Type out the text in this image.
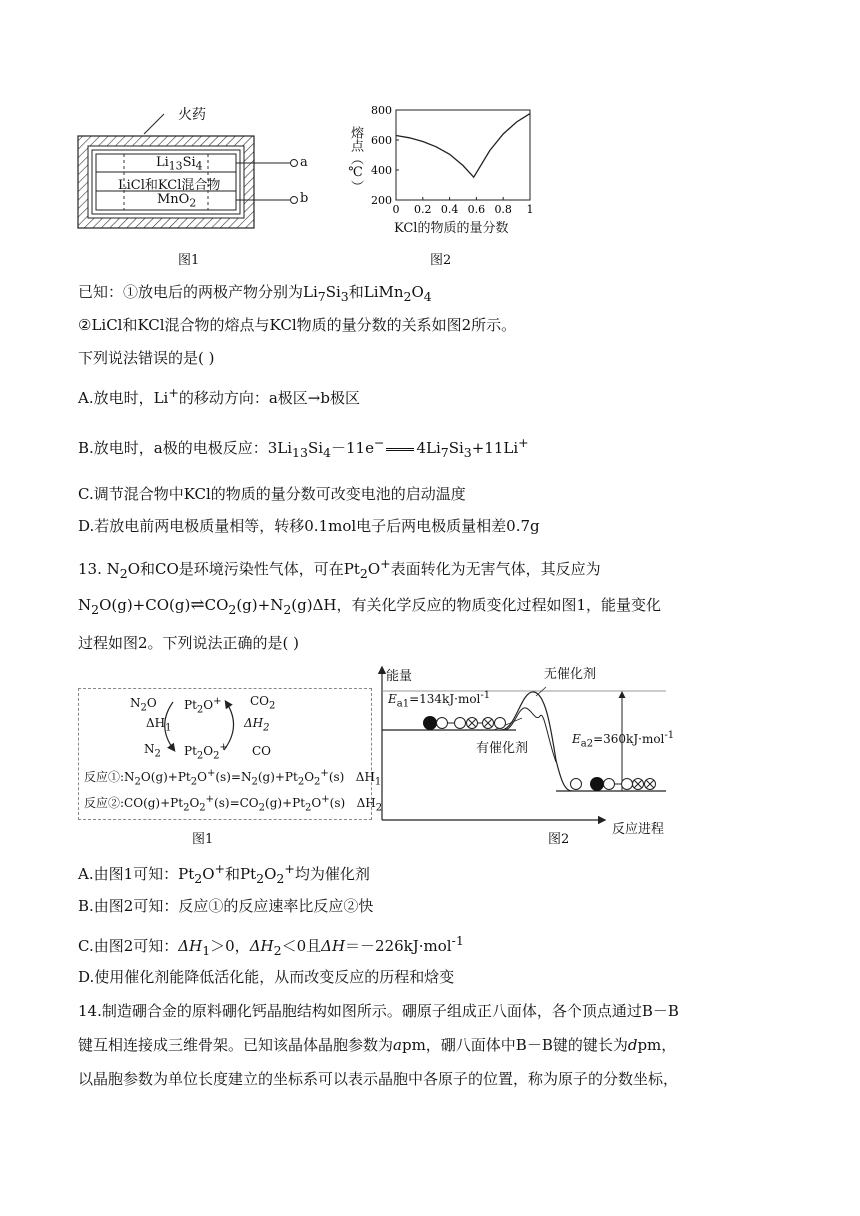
火药
$Li_{13}Si_4$
LiCl和KCl混合物
MnO$_2$
a
b
图1
0 0.2 0.4 0.6 0.8 1
200
400
600
800
熔点（℃）
KCl的物质的量分数
图2
已知：①放电后的两极产物分别为$Li_7Si_3$和$LiMn_2O_4$
②LiCl和KCl混合物的熔点与KCl物质的量分数的关系如图2所示。
下列说法错误的是( )
A.放电时，Li+的移动方向：a极区→b极区
B.放电时，a极的电极反应：$3Li_{13}Si_4-11e^-$ $4Li_7Si_3+11Li^+$
C.调节混合物中KCl的物质的量分数可改变电池的启动温度
D.若放电前两电极质量相等，转移0.1mol电子后两电极质量相差0.7g
13. $N_2O$和CO是环境污染性气体，可在$Pt_2O^+$表面转化为无害气体，其反应为
$N_2O(g)+CO(g)\rightleftharpoons CO_2(g)+N_2(g)\Delta H$，有关化学反应的物质变化过程如图1，能量变化
过程如图2。下列说法正确的是( )
$N_2O$ $Pt_2O^+$ $CO_2$
$\Delta H_1$	$\Delta H_2$
$N_2$ $Pt_2O_2^+$ CO
反应$①:N_2O(g)+Pt_2O^+(s)=N_2(g)+Pt_2O_2^+(s)$   $\Delta H_1$
反应$②:CO(g)+Pt_2O_2^+(s)=CO_2(g)+Pt_2O^+(s)$   $\Delta H_2$
图1
能量	无催化剂
有催化剂
$E_{a1}=134kJ\cdot mol^{-1}$
$E_{a2}=360kJ\cdot mol^{-1}$
反应进程
图2
A.由图1可知：$Pt_2O^+$和$Pt_2O_2^+$均为催化剂
B.由图2可知：反应①的反应速率比反应②快
C.由图2可知：$\Delta H_1>0$，$\Delta H_2<0$且ΔH＝－226kJ·mol$^{-1}$
D.使用催化剂能降低活化能，从而改变反应的历程和焓变
14.制造硼合金的原料硼化钙晶胞结构如图所示。硼原子组成正八面体，各个顶点通过B－B
键互相连接成三维骨架。已知该晶体晶胞参数为apm，硼八面体中B－B键的键长为dpm，
以晶胞参数为单位长度建立的坐标系可以表示晶胞中各原子的位置，称为原子的分数坐标，
